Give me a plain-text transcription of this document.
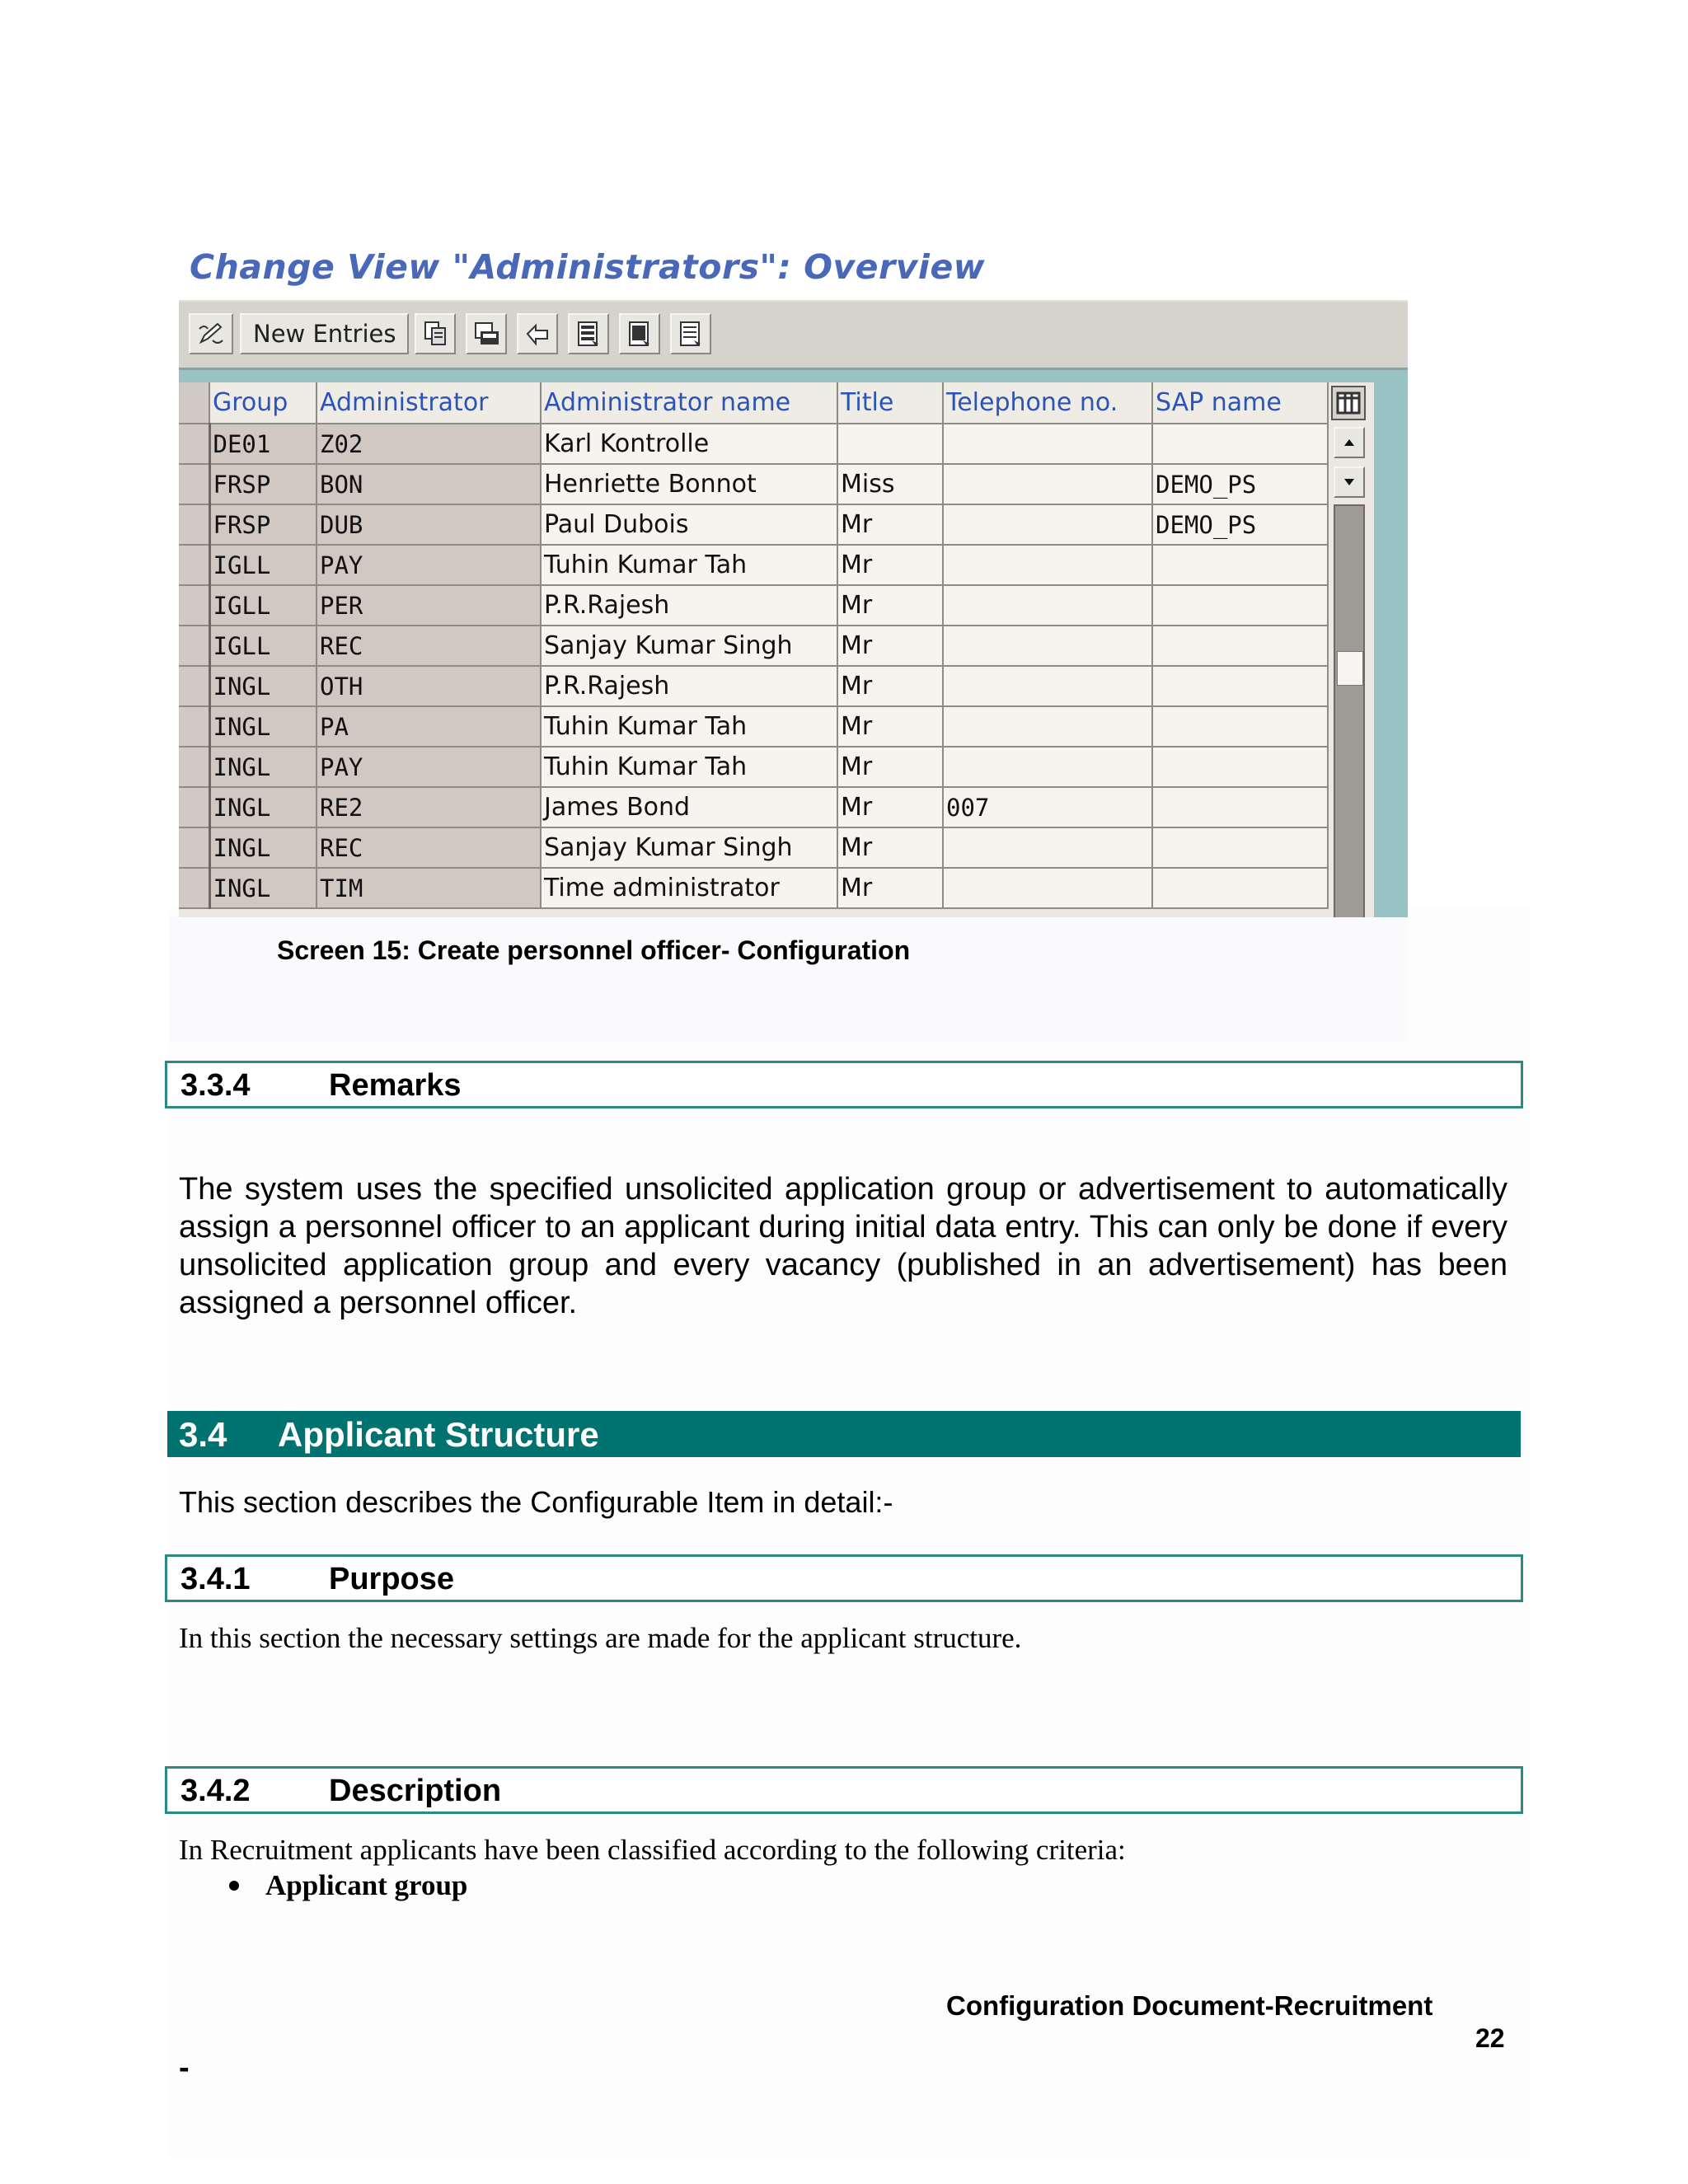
Change View "Administrators": Overview
New Entries
	Group	Administrator	Administrator name	Title	Telephone no.	SAP name
	DE01	Z02	Karl Kontrolle			
	FRSP	BON	Henriette Bonnot	Miss		DEMO_PS
	FRSP	DUB	Paul Dubois	Mr		DEMO_PS
	IGLL	PAY	Tuhin Kumar Tah	Mr		
	IGLL	PER	P.R.Rajesh	Mr		
	IGLL	REC	Sanjay Kumar Singh	Mr		
	INGL	OTH	P.R.Rajesh	Mr		
	INGL	PA	Tuhin Kumar Tah	Mr		
	INGL	PAY	Tuhin Kumar Tah	Mr		
	INGL	RE2	James Bond	Mr	007	
	INGL	REC	Sanjay Kumar Singh	Mr		
	INGL	TIM	Time administrator	Mr		
Screen 15: Create personnel officer- Configuration
3.3.4	Remarks
The system uses the specified unsolicited application group or advertisement to automatically assign a personnel officer to an applicant during initial data entry. This can only be done if every unsolicited application group and every vacancy (published in an advertisement) has been assigned a personnel officer.
3.4 Applicant Structure
This section describes the Configurable Item in detail:-
3.4.1	Purpose
In this section the necessary settings are made for the applicant structure.
3.4.2	Description
In Recruitment applicants have been classified according to the following criteria:
Applicant group
Configuration Document-Recruitment
22
-
